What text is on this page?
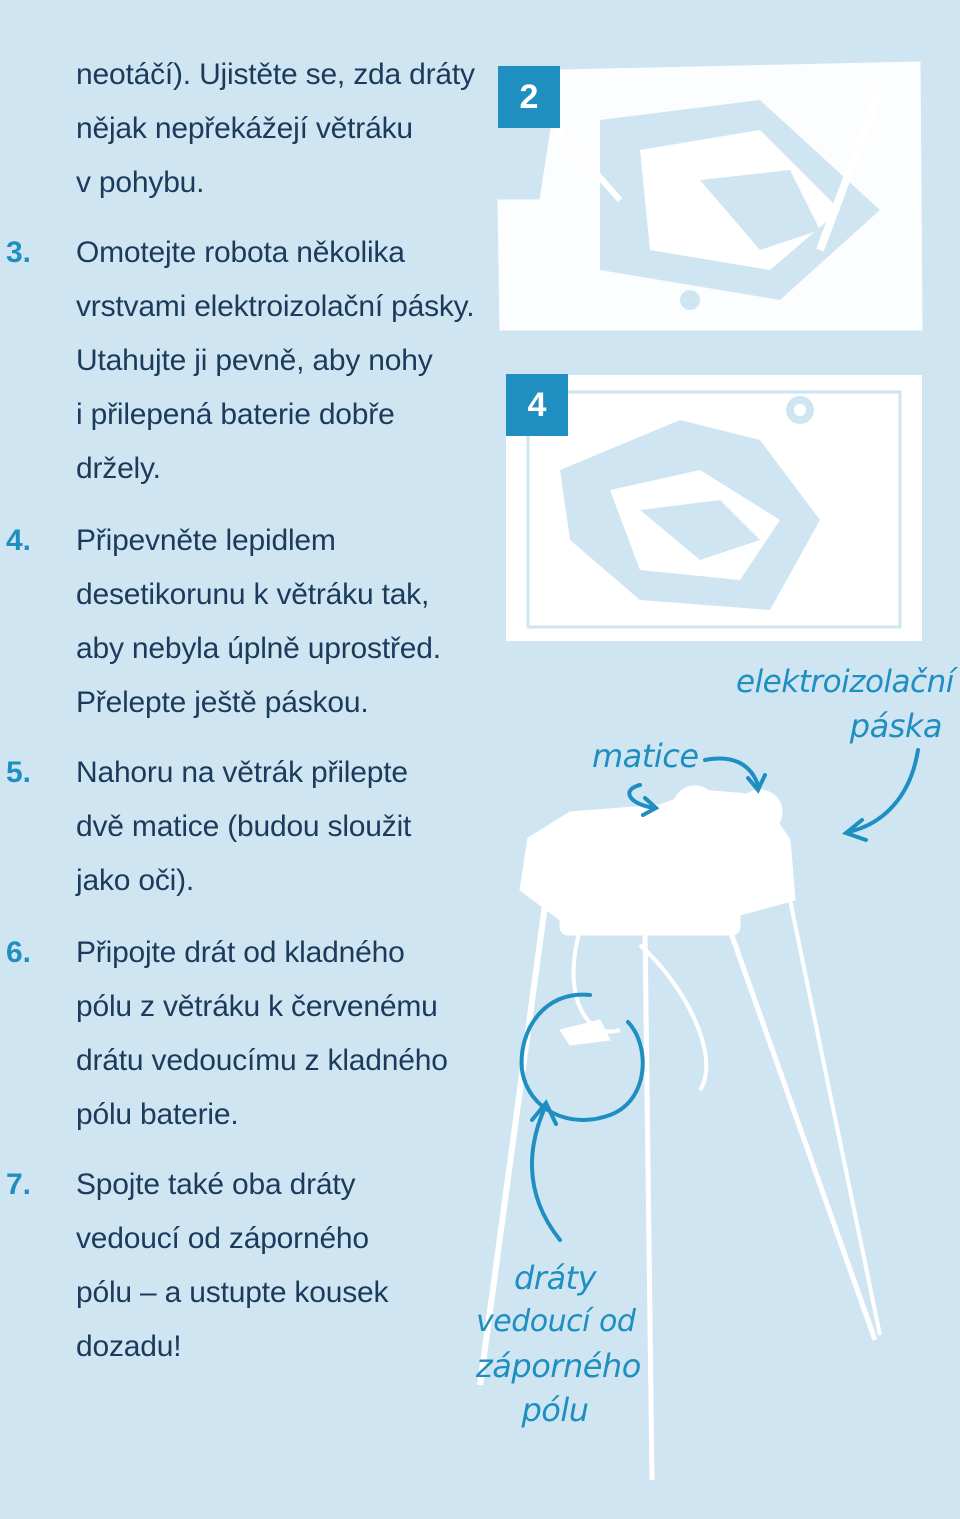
2
4
matice
elektroizolační
páska
dráty
vedoucí od
záporného
pólu
neotáčí). Ujistěte se, zda dráty
nějak nepřekážejí větráku
v pohybu.
3. Omotejte robota několika
vrstvami elektroizolační pásky.
Utahujte ji pevně, aby nohy
i přilepená baterie dobře
držely.
4. Připevněte lepidlem
desetikorunu k větráku tak,
aby nebyla úplně uprostřed.
Přelepte ještě páskou.
5. Nahoru na větrák přilepte
dvě matice (budou sloužit
jako oči).
6. Připojte drát od kladného
pólu z větráku k červenému
drátu vedoucímu z kladného
pólu baterie.
7. Spojte také oba dráty
vedoucí od záporného
pólu – a ustupte kousek
dozadu!
